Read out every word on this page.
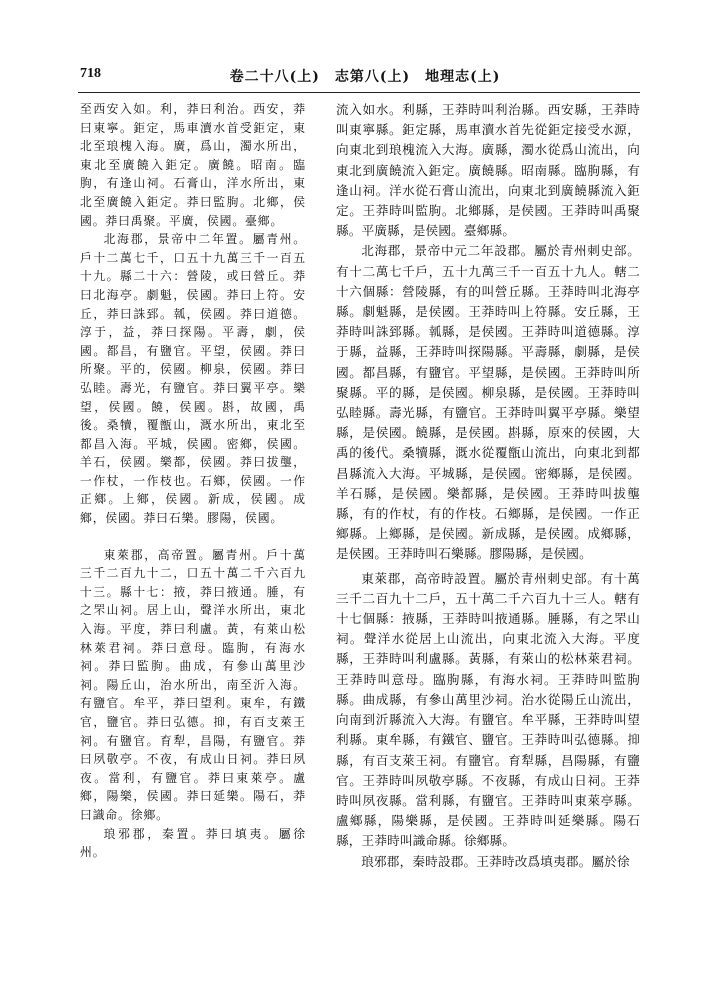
718	卷二十八(上)　志第八(上)　地理志(上)

至西安入如。利，莽曰利治。西安，莽曰東寧。鉅定，馬車瀆水首受鉅定，東北至琅槐入海。廣，爲山，濁水所出，東北至廣饒入鉅定。廣饒。昭南。臨朐，有逢山祠。石膏山，洋水所出，東北至廣饒入鉅定。莽曰監朐。北鄉，侯國。莽曰禹聚。平廣，侯國。臺鄉。

北海郡，景帝中二年置。屬青州。戶十二萬七千，口五十九萬三千一百五十九。縣二十六：營陵，或曰營丘。莽曰北海亭。劇魁，侯國。莽曰上符。安丘，莽曰誅郅。瓡，侯國。莽曰道德。淳于，益，莽曰探陽。平壽，劇，侯國。都昌，有鹽官。平望，侯國。莽曰所聚。平的，侯國。柳泉，侯國。莽曰弘睦。壽光，有鹽官。莽曰翼平亭。樂望，侯國。饒，侯國。斟，故國，禹後。桑犢，覆甑山，溉水所出，東北至都昌入海。平城，侯國。密鄉，侯國。羊石，侯國。樂都，侯國。莽曰拔壟，一作杖，一作枝也。石鄉，侯國。一作正鄉。上鄉，侯國。新成，侯國。成鄉，侯國。莽曰石樂。膠陽，侯國。

東萊郡，高帝置。屬青州。戶十萬三千二百九十二，口五十萬二千六百九十三。縣十七：掖，莽曰掖通。腄，有之罘山祠。居上山，聲洋水所出，東北入海。平度，莽曰利盧。黃，有萊山松林萊君祠。莽曰意母。臨朐，有海水祠。莽曰監朐。曲成，有參山萬里沙祠。陽丘山，治水所出，南至沂入海。有鹽官。牟平，莽曰望利。東牟，有鐵官，鹽官。莽曰弘德。𢬃，有百支萊王祠。有鹽官。育犁，昌陽，有鹽官。莽曰夙敬亭。不夜，有成山日祠。莽曰夙夜。當利，有鹽官。莽曰東萊亭。盧鄉，陽樂，侯國。莽曰延樂。陽石，莽曰識命。徐鄉。

琅邪郡，秦置。莽曰填夷。屬徐州。

流入如水。利縣，王莽時叫利治縣。西安縣，王莽時叫東寧縣。鉅定縣，馬車瀆水首先從鉅定接受水源，向東北到琅槐流入大海。廣縣，濁水從爲山流出，向東北到廣饒流入鉅定。廣饒縣。昭南縣。臨朐縣，有逢山祠。洋水從石膏山流出，向東北到廣饒縣流入鉅定。王莽時叫監朐。北鄉縣，是侯國。王莽時叫禹聚縣。平廣縣，是侯國。臺鄉縣。

北海郡，景帝中元二年設郡。屬於青州刺史部。有十二萬七千戶，五十九萬三千一百五十九人。轄二十六個縣：營陵縣，有的叫營丘縣。王莽時叫北海亭縣。劇魁縣，是侯國。王莽時叫上符縣。安丘縣，王莽時叫誅郅縣。瓡縣，是侯國。王莽時叫道德縣。淳于縣，益縣，王莽時叫探陽縣。平壽縣，劇縣，是侯國。都昌縣，有鹽官。平望縣，是侯國。王莽時叫所聚縣。平的縣，是侯國。柳泉縣，是侯國。王莽時叫弘睦縣。壽光縣，有鹽官。王莽時叫翼平亭縣。樂望縣，是侯國。饒縣，是侯國。斟縣，原來的侯國，大禹的後代。桑犢縣，溉水從覆甑山流出，向東北到都昌縣流入大海。平城縣，是侯國。密鄉縣，是侯國。羊石縣，是侯國。樂都縣，是侯國。王莽時叫拔壟縣，有的作杖，有的作枝。石鄉縣，是侯國。一作正鄉縣。上鄉縣，是侯國。新成縣，是侯國。成鄉縣，是侯國。王莽時叫石樂縣。膠陽縣，是侯國。

東萊郡，高帝時設置。屬於青州刺史部。有十萬三千二百九十二戶，五十萬二千六百九十三人。轄有十七個縣：掖縣，王莽時叫掖通縣。腄縣，有之罘山祠。聲洋水從居上山流出，向東北流入大海。平度縣，王莽時叫利盧縣。黃縣，有萊山的松林萊君祠。王莽時叫意母。臨朐縣，有海水祠。王莽時叫監朐縣。曲成縣，有參山萬里沙祠。治水從陽丘山流出，向南到沂縣流入大海。有鹽官。牟平縣，王莽時叫望利縣。東牟縣，有鐵官、鹽官。王莽時叫弘德縣。𢬃縣，有百支萊王祠。有鹽官。育犁縣，昌陽縣，有鹽官。王莽時叫夙敬亭縣。不夜縣，有成山日祠。王莽時叫夙夜縣。當利縣，有鹽官。王莽時叫東萊亭縣。盧鄉縣，陽樂縣，是侯國。王莽時叫延樂縣。陽石縣，王莽時叫識命縣。徐鄉縣。

琅邪郡，秦時設郡。王莽時改爲填夷郡。屬於徐
